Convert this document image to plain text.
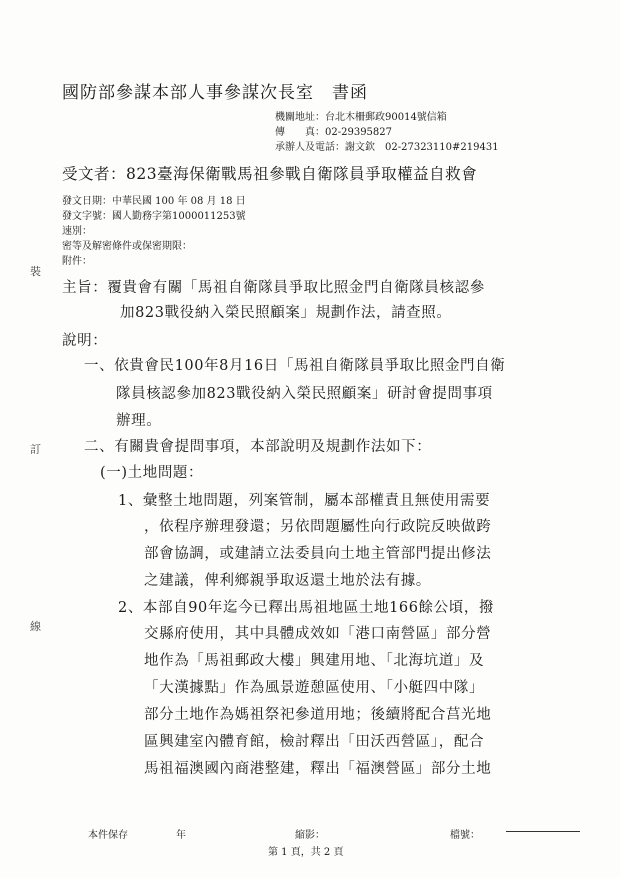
國防部參謀本部人事參謀次長室　書函
機關地址：台北木柵郵政90014號信箱
傳　　真：02-29395827
承辦人及電話：謝文欽　02-27323110#219431
受文者：823臺海保衛戰馬祖參戰自衛隊員爭取權益自救會
發文日期：中華民國 100 年 08 月 18 日
發文字號：國人勤務字第1000011253號
速別：
密等及解密條件或保密期限：
附件：
裝
訂
線
主旨：覆貴會有關「馬祖自衛隊員爭取比照金門自衛隊員核認參
加823戰役納入榮民照顧案」規劃作法，請查照。
說明：
一、依貴會民100年8月16日「馬祖自衛隊員爭取比照金門自衛
隊員核認參加823戰役納入榮民照顧案」研討會提問事項
辦理。
二、有關貴會提問事項，本部說明及規劃作法如下：
(一)土地問題：
1、彙整土地問題，列案管制，屬本部權責且無使用需要
，依程序辦理發還；另依問題屬性向行政院反映做跨
部會協調，或建請立法委員向土地主管部門提出修法
之建議，俾利鄉親爭取返還土地於法有據。
2、本部自90年迄今已釋出馬祖地區土地166餘公頃，撥
交縣府使用，其中具體成效如「港口南營區」部分營
地作為「馬祖郵政大樓」興建用地、「北海坑道」及
「大漢據點」作為風景遊憩區使用、「小艇四中隊」
部分土地作為媽祖祭祀參道用地；後續將配合莒光地
區興建室內體育館，檢討釋出「田沃西營區」，配合
馬祖福澳國內商港整建，釋出「福澳營區」部分土地
本件保存	年	縮影：	檔號：
第 1 頁，共 2 頁
